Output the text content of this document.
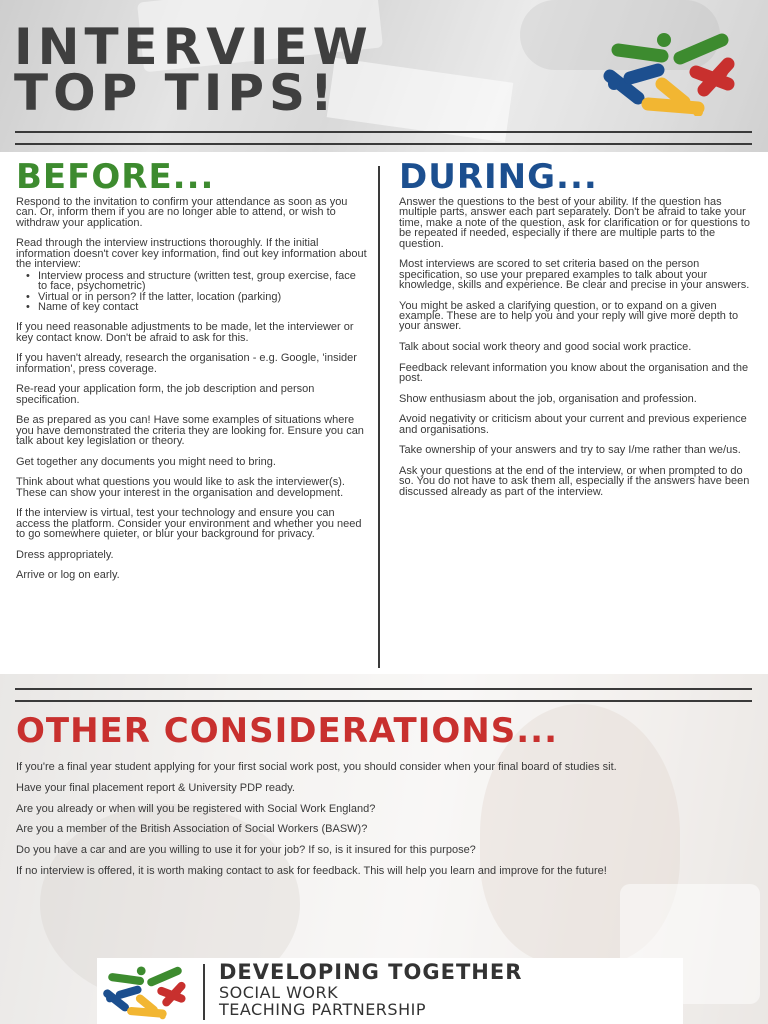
INTERVIEW
TOP TIPS!
BEFORE...

Respond to the invitation to confirm your attendance as soon as you can. Or, inform them if you are no longer able to attend, or wish to withdraw your application.

Read through the interview instructions thoroughly. If the initial information doesn't cover key information, find out key information about the interview:

• Interview process and structure (written test, group exercise, face to face, psychometric)
• Virtual or in person? If the latter, location (parking)
• Name of key contact

If you need reasonable adjustments to be made, let the interviewer or key contact know. Don't be afraid to ask for this.

If you haven't already, research the organisation - e.g. Google, 'insider information', press coverage.

Re-read your application form, the job description and person specification.

Be as prepared as you can! Have some examples of situations where you have demonstrated the criteria they are looking for. Ensure you can talk about key legislation or theory.

Get together any documents you might need to bring.

Think about what questions you would like to ask the interviewer(s). These can show your interest in the organisation and development.

If the interview is virtual, test your technology and ensure you can access the platform. Consider your environment and whether you need to go somewhere quieter, or blur your background for privacy.

Dress appropriately.

Arrive or log on early.

DURING...

Answer the questions to the best of your ability. If the question has multiple parts, answer each part separately. Don't be afraid to take your time, make a note of the question, ask for clarification or for questions to be repeated if needed, especially if there are multiple parts to the question.

Most interviews are scored to set criteria based on the person specification, so use your prepared examples to talk about your knowledge, skills and experience. Be clear and precise in your answers.

You might be asked a clarifying question, or to expand on a given example. These are to help you and your reply will give more depth to your answer.

Talk about social work theory and good social work practice.

Feedback relevant information you know about the organisation and the post.

Show enthusiasm about the job, organisation and profession.

Avoid negativity or criticism about your current and previous experience and organisations.

Take ownership of your answers and try to say I/me rather than we/us.

Ask your questions at the end of the interview, or when prompted to do so. You do not have to ask them all, especially if the answers have been discussed already as part of the interview.

OTHER CONSIDERATIONS...

If you're a final year student applying for your first social work post, you should consider when your final board of studies sit.

Have your final placement report & University PDP ready.

Are you already or when will you be registered with Social Work England?

Are you a member of the British Association of Social Workers (BASW)?

Do you have a car and are you willing to use it for your job? If so, is it insured for this purpose?

If no interview is offered, it is worth making contact to ask for feedback. This will help you learn and improve for the future!

DEVELOPING TOGETHER
SOCIAL WORK
TEACHING PARTNERSHIP
